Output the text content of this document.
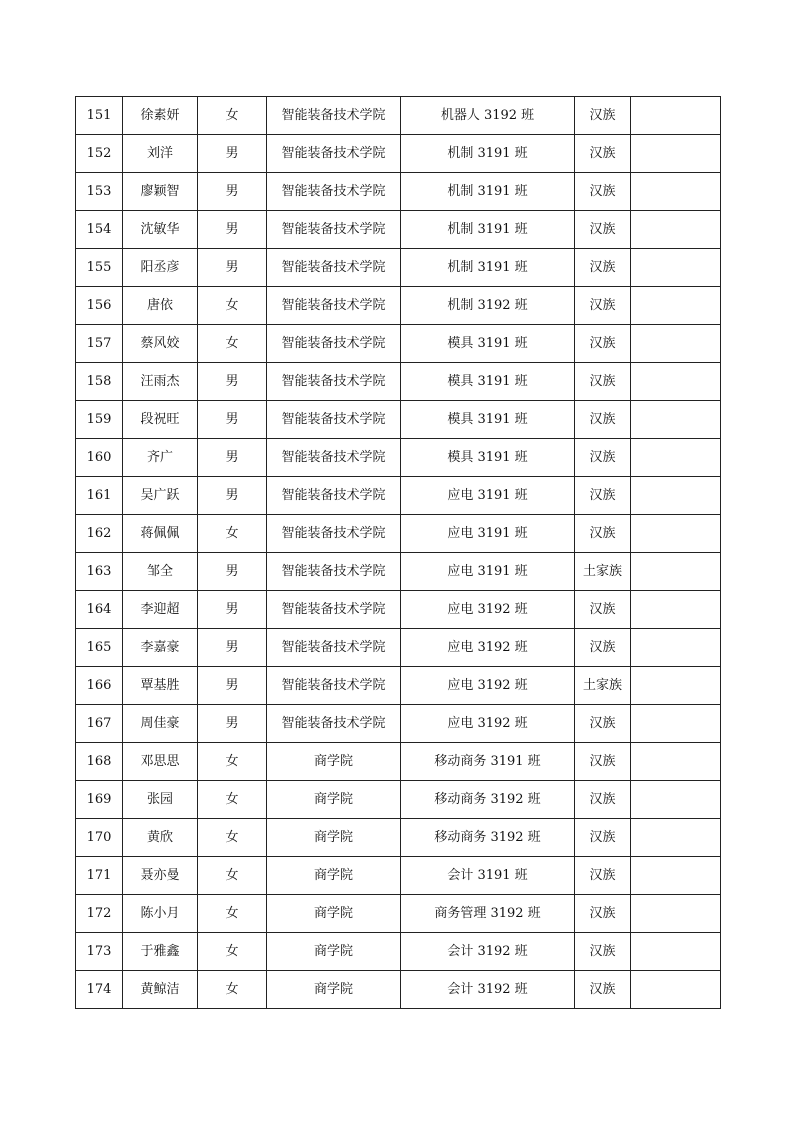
151	徐素妍	女	智能装备技术学院	机器人 3192 班	汉族	
152	刘洋	男	智能装备技术学院	机制 3191 班	汉族	
153	廖颖智	男	智能装备技术学院	机制 3191 班	汉族	
154	沈敏华	男	智能装备技术学院	机制 3191 班	汉族	
155	阳丞彦	男	智能装备技术学院	机制 3191 班	汉族	
156	唐依	女	智能装备技术学院	机制 3192 班	汉族	
157	蔡风姣	女	智能装备技术学院	模具 3191 班	汉族	
158	汪雨杰	男	智能装备技术学院	模具 3191 班	汉族	
159	段祝旺	男	智能装备技术学院	模具 3191 班	汉族	
160	齐广	男	智能装备技术学院	模具 3191 班	汉族	
161	吴广跃	男	智能装备技术学院	应电 3191 班	汉族	
162	蒋佩佩	女	智能装备技术学院	应电 3191 班	汉族	
163	邹全	男	智能装备技术学院	应电 3191 班	土家族	
164	李迎超	男	智能装备技术学院	应电 3192 班	汉族	
165	李嘉豪	男	智能装备技术学院	应电 3192 班	汉族	
166	覃基胜	男	智能装备技术学院	应电 3192 班	土家族	
167	周佳豪	男	智能装备技术学院	应电 3192 班	汉族	
168	邓思思	女	商学院	移动商务 3191 班	汉族	
169	张园	女	商学院	移动商务 3192 班	汉族	
170	黄欣	女	商学院	移动商务 3192 班	汉族	
171	聂亦曼	女	商学院	会计 3191 班	汉族	
172	陈小月	女	商学院	商务管理 3192 班	汉族	
173	于雅鑫	女	商学院	会计 3192 班	汉族	
174	黄鲸洁	女	商学院	会计 3192 班	汉族	
